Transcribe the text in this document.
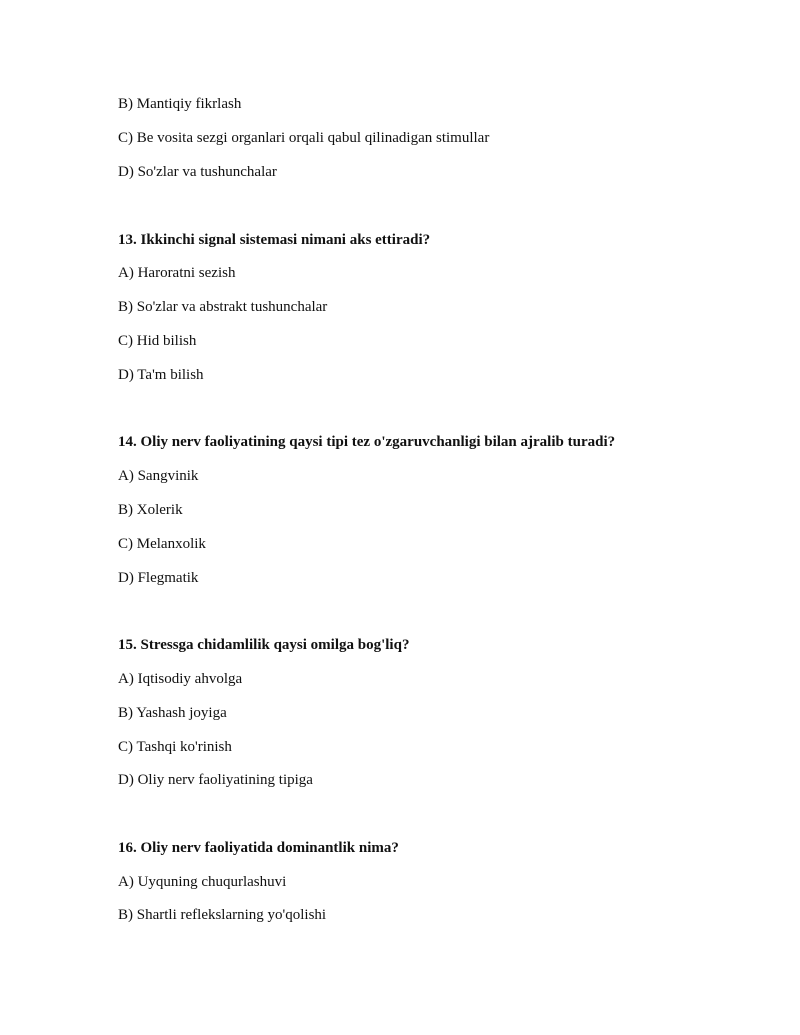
B) Mantiqiy fikrlash
C) Be vosita sezgi organlari orqali qabul qilinadigan stimullar
D) So'zlar va tushunchalar
13. Ikkinchi signal sistemasi nimani aks ettiradi?
A) Haroratni sezish
B) So'zlar va abstrakt tushunchalar
C) Hid bilish
D) Ta'm bilish
14. Oliy nerv faoliyatining qaysi tipi tez o'zgaruvchanligi bilan ajralib turadi?
A) Sangvinik
B) Xolerik
C) Melanxolik
D) Flegmatik
15. Stressga chidamlilik qaysi omilga bog'liq?
A) Iqtisodiy ahvolga
B) Yashash joyiga
C) Tashqi ko'rinish
D) Oliy nerv faoliyatining tipiga
16. Oliy nerv faoliyatida dominantlik nima?
A) Uyquning chuqurlashuvi
B) Shartli reflekslarning yo'qolishi
